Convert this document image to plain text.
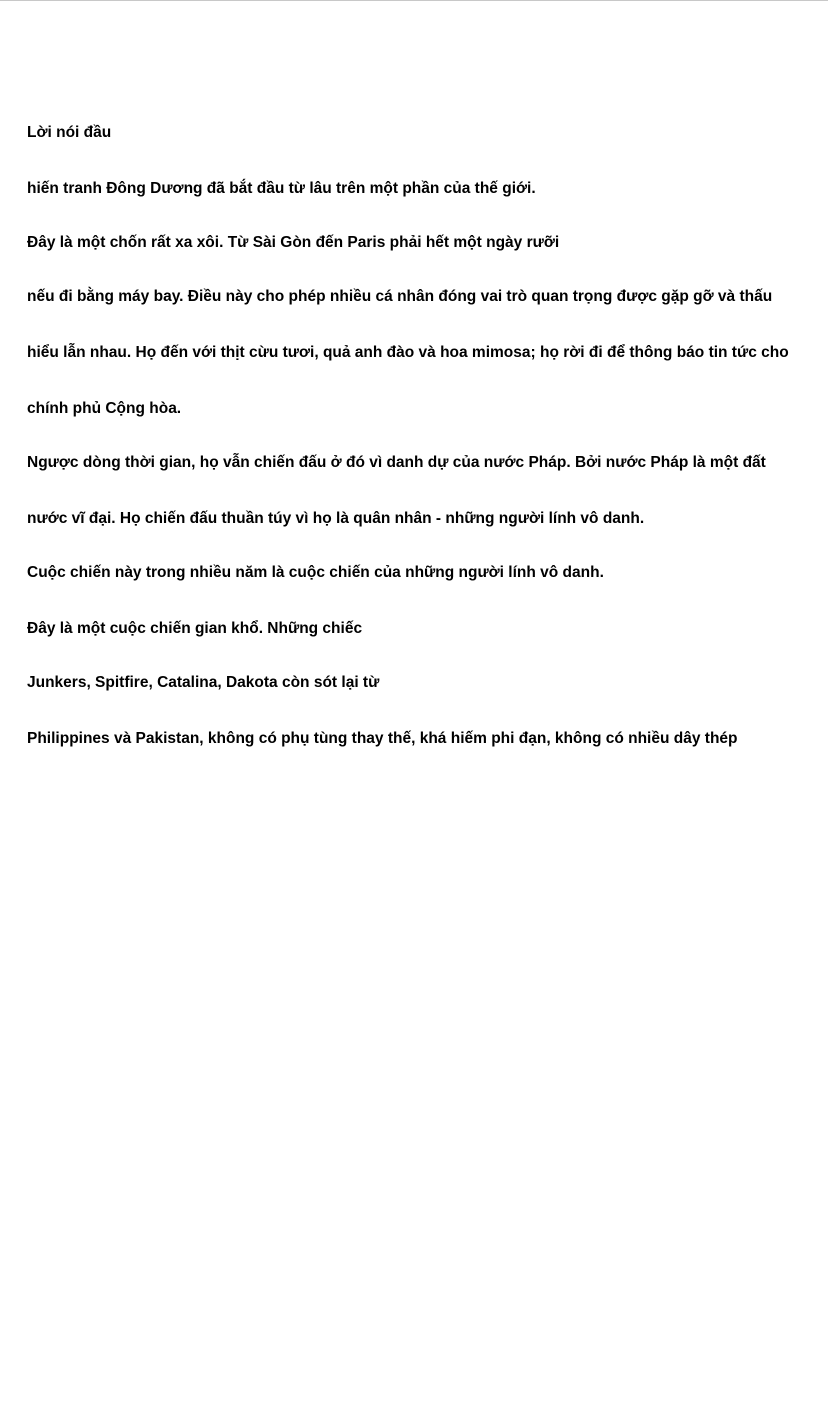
Lời nói đầu
hiến tranh Đông Dương đã bắt đầu từ lâu trên một phần của thế giới.
Đây là một chốn rất xa xôi. Từ Sài Gòn đến Paris phải hết một ngày rưỡi
nếu đi bằng máy bay. Điều này cho phép nhiều cá nhân đóng vai trò quan trọng được gặp gỡ và thấu
hiểu lẫn nhau. Họ đến với thịt cừu tươi, quả anh đào và hoa mimosa; họ rời đi để thông báo tin tức cho
chính phủ Cộng hòa.
Ngược dòng thời gian, họ vẫn chiến đấu ở đó vì danh dự của nước Pháp. Bởi nước Pháp là một đất
nước vĩ đại. Họ chiến đấu thuần túy vì họ là quân nhân - những người lính vô danh.
Cuộc chiến này trong nhiều năm là cuộc chiến của những người lính vô danh.
Đây là một cuộc chiến gian khổ. Những chiếc
Junkers, Spitfire, Catalina, Dakota còn sót lại từ
Philippines và Pakistan, không có phụ tùng thay thế, khá hiếm phi đạn, không có nhiều dây thép
